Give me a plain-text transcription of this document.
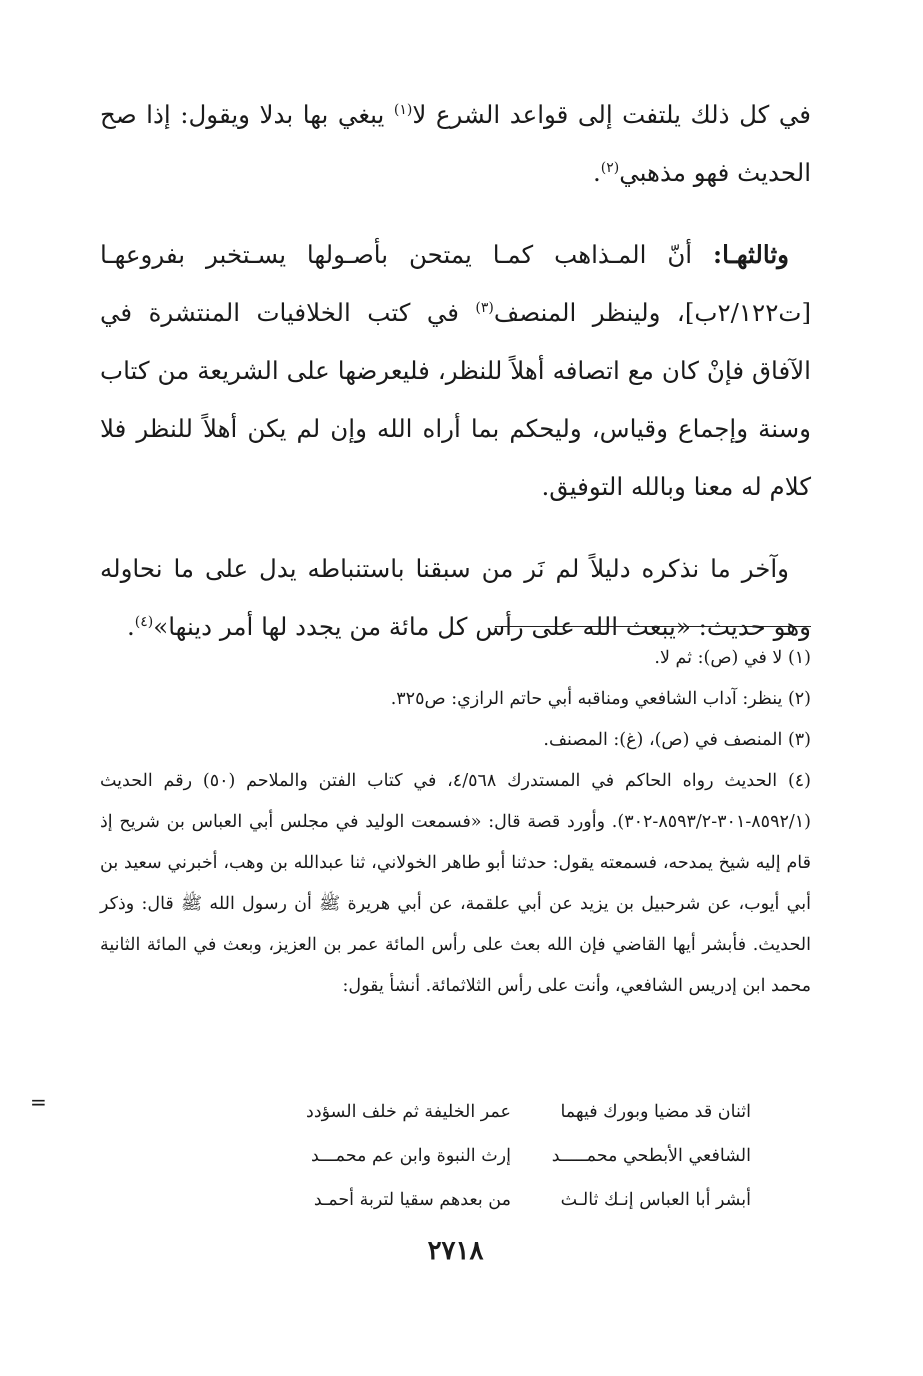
في كل ذلك يلتفت إلى قواعد الشرع لا$^{(١)}$ يبغي بها بدلا ويقول: إذا صح الحديث فهو مذهبي$^{(٢)}$.

وثالثهـا: أنّ المـذاهب كمـا يمتحن بأصـولها يسـتخبر بفروعهـا [ت٢/١٢٢ب]، ولينظر المنصف$^{(٣)}$ في كتب الخلافيات المنتشرة في الآفاق فإنْ كان مع اتصافه أهلاً للنظر، فليعرضها على الشريعة من كتاب وسنة وإجماع وقياس، وليحكم بما أراه الله وإن لم يكن أهلاً للنظر فلا كلام له معنا وبالله التوفيق.

وآخر ما نذكره دليلاً لم نَر من سبقنا باستنباطه يدل على ما نحاوله وهو حديث: «يبعث الله على رأس كل مائة من يجدد لها أمر دينها»$^{(٤)}$.

(١) لا في (ص): ثم لا.

(٢) ينظر: آداب الشافعي ومناقبه أبي حاتم الرازي: ص٣٢٥.

(٣) المنصف في (ص)، (غ): المصنف.

(٤) الحديث رواه الحاكم في المستدرك ٤/٥٦٨، في كتاب الفتن والملاحم (٥٠) رقم الحديث (٨٥٩٢/١-٣٠١-٨٥٩٣/٢-٣٠٢). وأورد قصة قال: «فسمعت الوليد في مجلس أبي العباس بن شريح إذ قام إليه شيخ يمدحه، فسمعته يقول: حدثنا أبو طاهر الخولاني، ثنا عبدالله بن وهب، أخبرني سعيد بن أبي أيوب، عن شرحبيل بن يزيد عن أبي علقمة، عن أبي هريرة ﷺ أن رسول الله ﷺ قال: وذكر الحديث. فأبشر أيها القاضي فإن الله بعث على رأس المائة عمر بن العزيز، وبعث في المائة الثانية محمد ابن إدريس الشافعي، وأنت على رأس الثلاثمائة. أنشأ يقول:

اثنان قد مضيا وبورك فيهما
عمر الخليفة ثم خلف السؤدد
الشافعي الأبطحي محمـــــد
إرث النبوة وابن عم محمـــد
أبشر أبا العباس إنـك ثالـث
من بعدهم سقيا لتربة أحمـد
٢٧١٨
=
